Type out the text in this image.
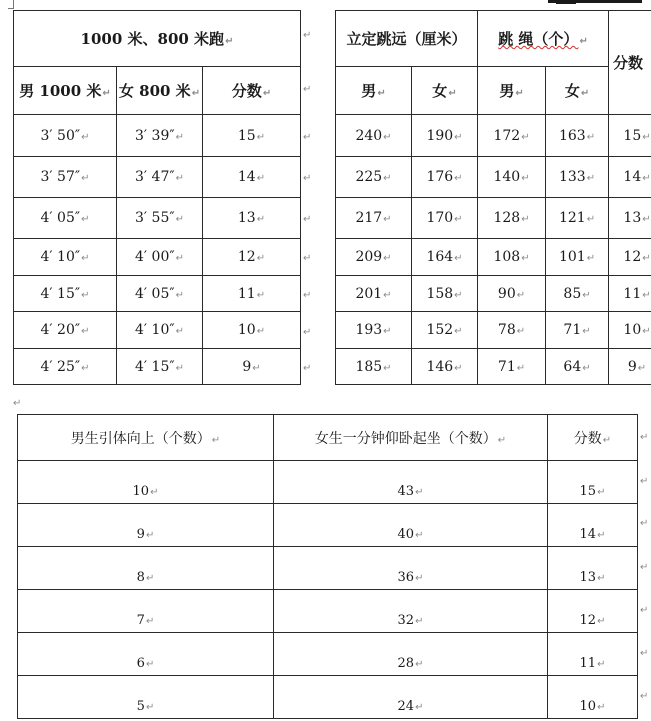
1000 米、800 米跑↵		
男 1000 米↵	女 800 米↵	分数↵
3′ 50″↵	3′ 39″↵	15↵
3′ 57″↵	3′ 47″↵	14↵
4′ 05″↵	3′ 55″↵	13↵
4′ 10″↵	4′ 00″↵	12↵
4′ 15″↵	4′ 05″↵	11↵
4′ 20″↵	4′ 10″↵	10↵
4′ 25″↵	4′ 15″↵	9↵
↵
↵
↵
↵
↵
↵
↵
↵
↵
立定跳远（厘米）		跳 绳（个）↵		分数
男↵	女↵	男↵	女↵	
240↵	190↵	172↵	163↵	15↵
225↵	176↵	140↵	133↵	14↵
217↵	170↵	128↵	121↵	13↵
209↵	164↵	108↵	101↵	12↵
201↵	158↵	90↵	85↵	11↵
193↵	152↵	78↵	71↵	10↵
185↵	146↵	71↵	64↵	9↵
↵
男生引体向上（个数）↵	女生一分钟仰卧起坐（个数）↵	分数↵
10↵	43↵	15↵
9↵	40↵	14↵
8↵	36↵	13↵
7↵	32↵	12↵
6↵	28↵	11↵
5↵	24↵	10↵
↵
↵
↵
↵
↵
↵
↵
